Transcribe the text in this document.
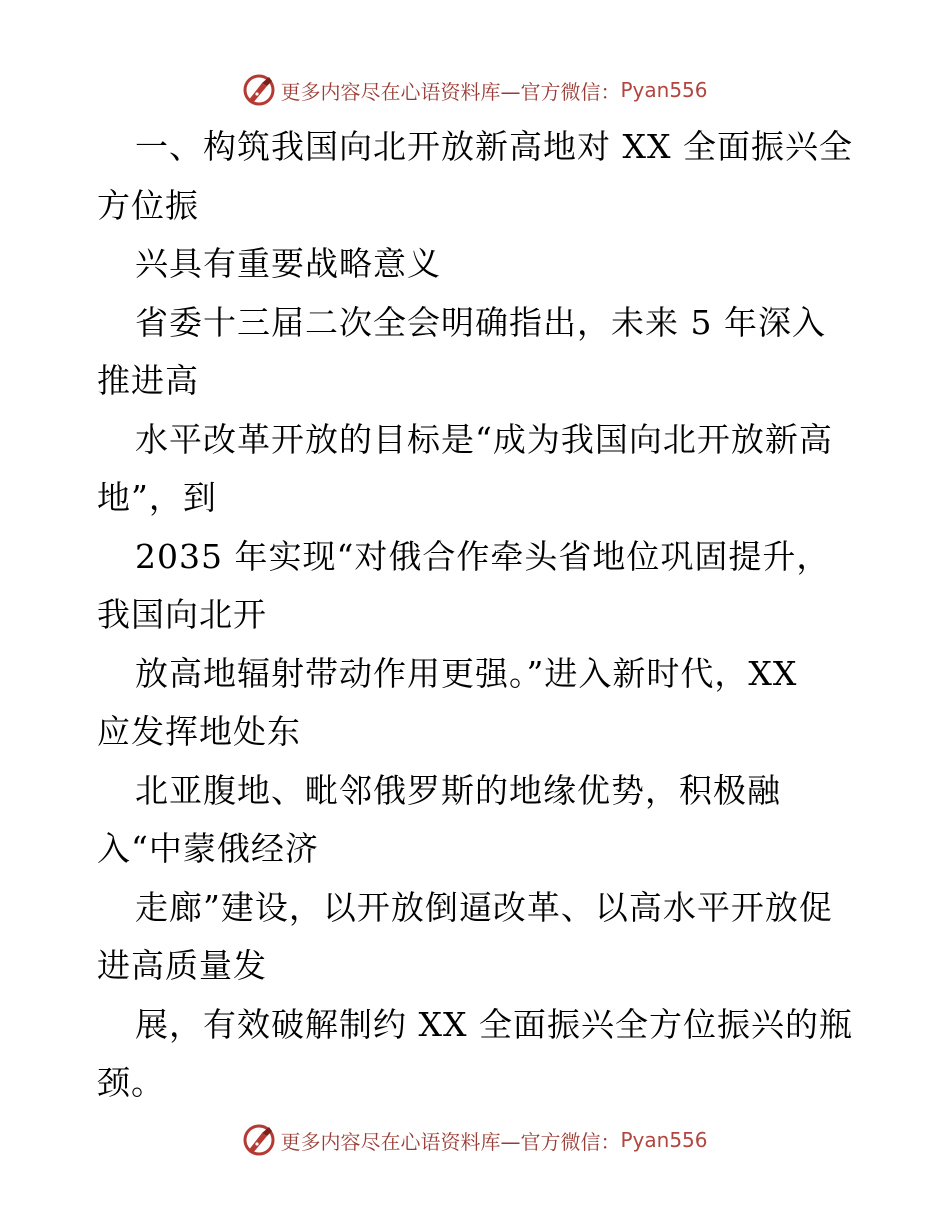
更多内容尽在心语资料库—官方微信： Pyan556
一、构筑我国向北开放新高地对 XX 全面振兴全
方位振
兴具有重要战略意义
省委十三届二次全会明确指出，未来 5 年深入
推进高
水平改革开放的目标是“成为我国向北开放新高
地”，到
2035 年实现“对俄合作牵头省地位巩固提升，
我国向北开
放高地辐射带动作用更强。”进入新时代，XX
应发挥地处东
北亚腹地、毗邻俄罗斯的地缘优势，积极融
入“中蒙俄经济
走廊”建设，以开放倒逼改革、以高水平开放促
进高质量发
展，有效破解制约 XX 全面振兴全方位振兴的瓶
颈。
更多内容尽在心语资料库—官方微信： Pyan556
